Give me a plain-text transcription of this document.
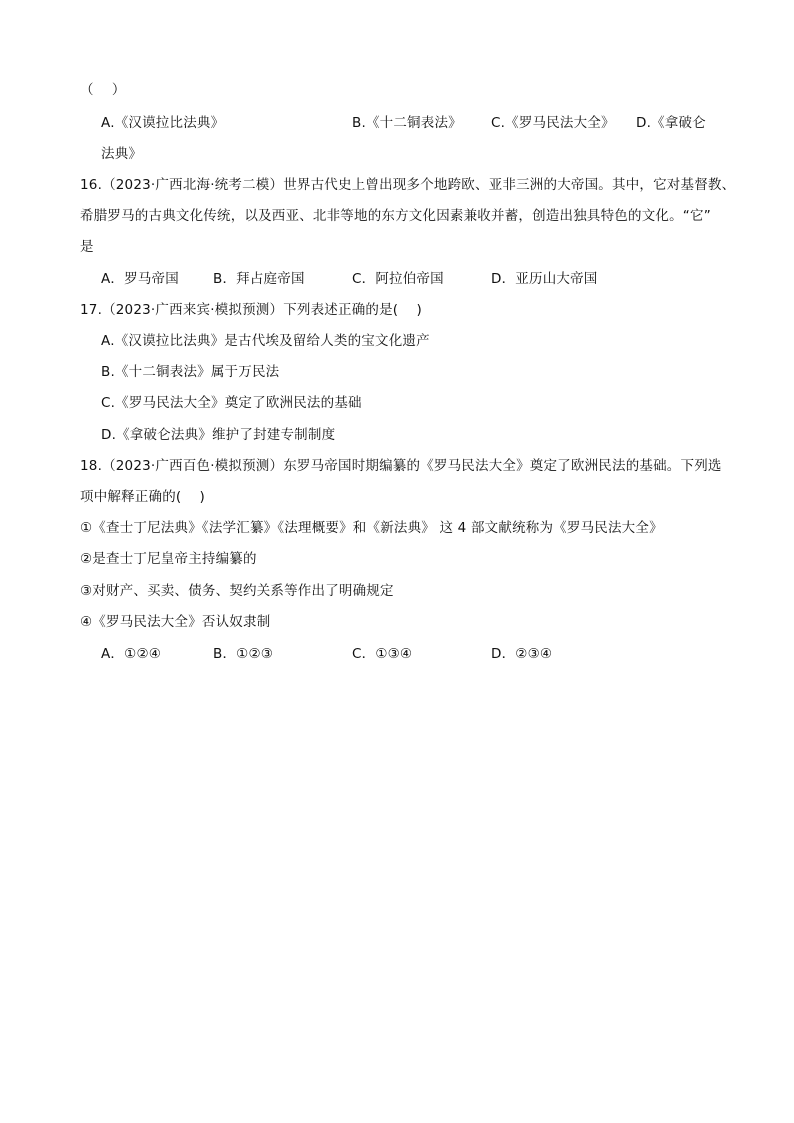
（　 ）
A.《汉谟拉比法典》	B.《十二铜表法》 C.《罗马民法大全》 D.《拿破仑
法典》
16.（2023·广西北海·统考二模）世界古代史上曾出现多个地跨欧、亚非三洲的大帝国。其中，它对基督教、
希腊罗马的古典文化传统，以及西亚、北非等地的东方文化因素兼收并蓄，创造出独具特色的文化。“它”
是
A．罗马帝国	B．拜占庭帝国	C．阿拉伯帝国	D．亚历山大帝国
17.（2023·广西来宾·模拟预测）下列表述正确的是(　 )
A.《汉谟拉比法典》是古代埃及留给人类的宝文化遗产
B.《十二铜表法》属于万民法
C.《罗马民法大全》奠定了欧洲民法的基础
D.《拿破仑法典》维护了封建专制制度
18.（2023·广西百色·模拟预测）东罗马帝国时期编纂的《罗马民法大全》奠定了欧洲民法的基础。下列选
项中解释正确的(　 )
①《查士丁尼法典》《法学汇纂》《法理概要》和《新法典》 这 4 部文献统称为《罗马民法大全》
②是查士丁尼皇帝主持编纂的
③对财产、买卖、债务、契约关系等作出了明确规定
④《罗马民法大全》否认奴隶制
A．①②④	B．①②③	C．①③④	D．②③④
